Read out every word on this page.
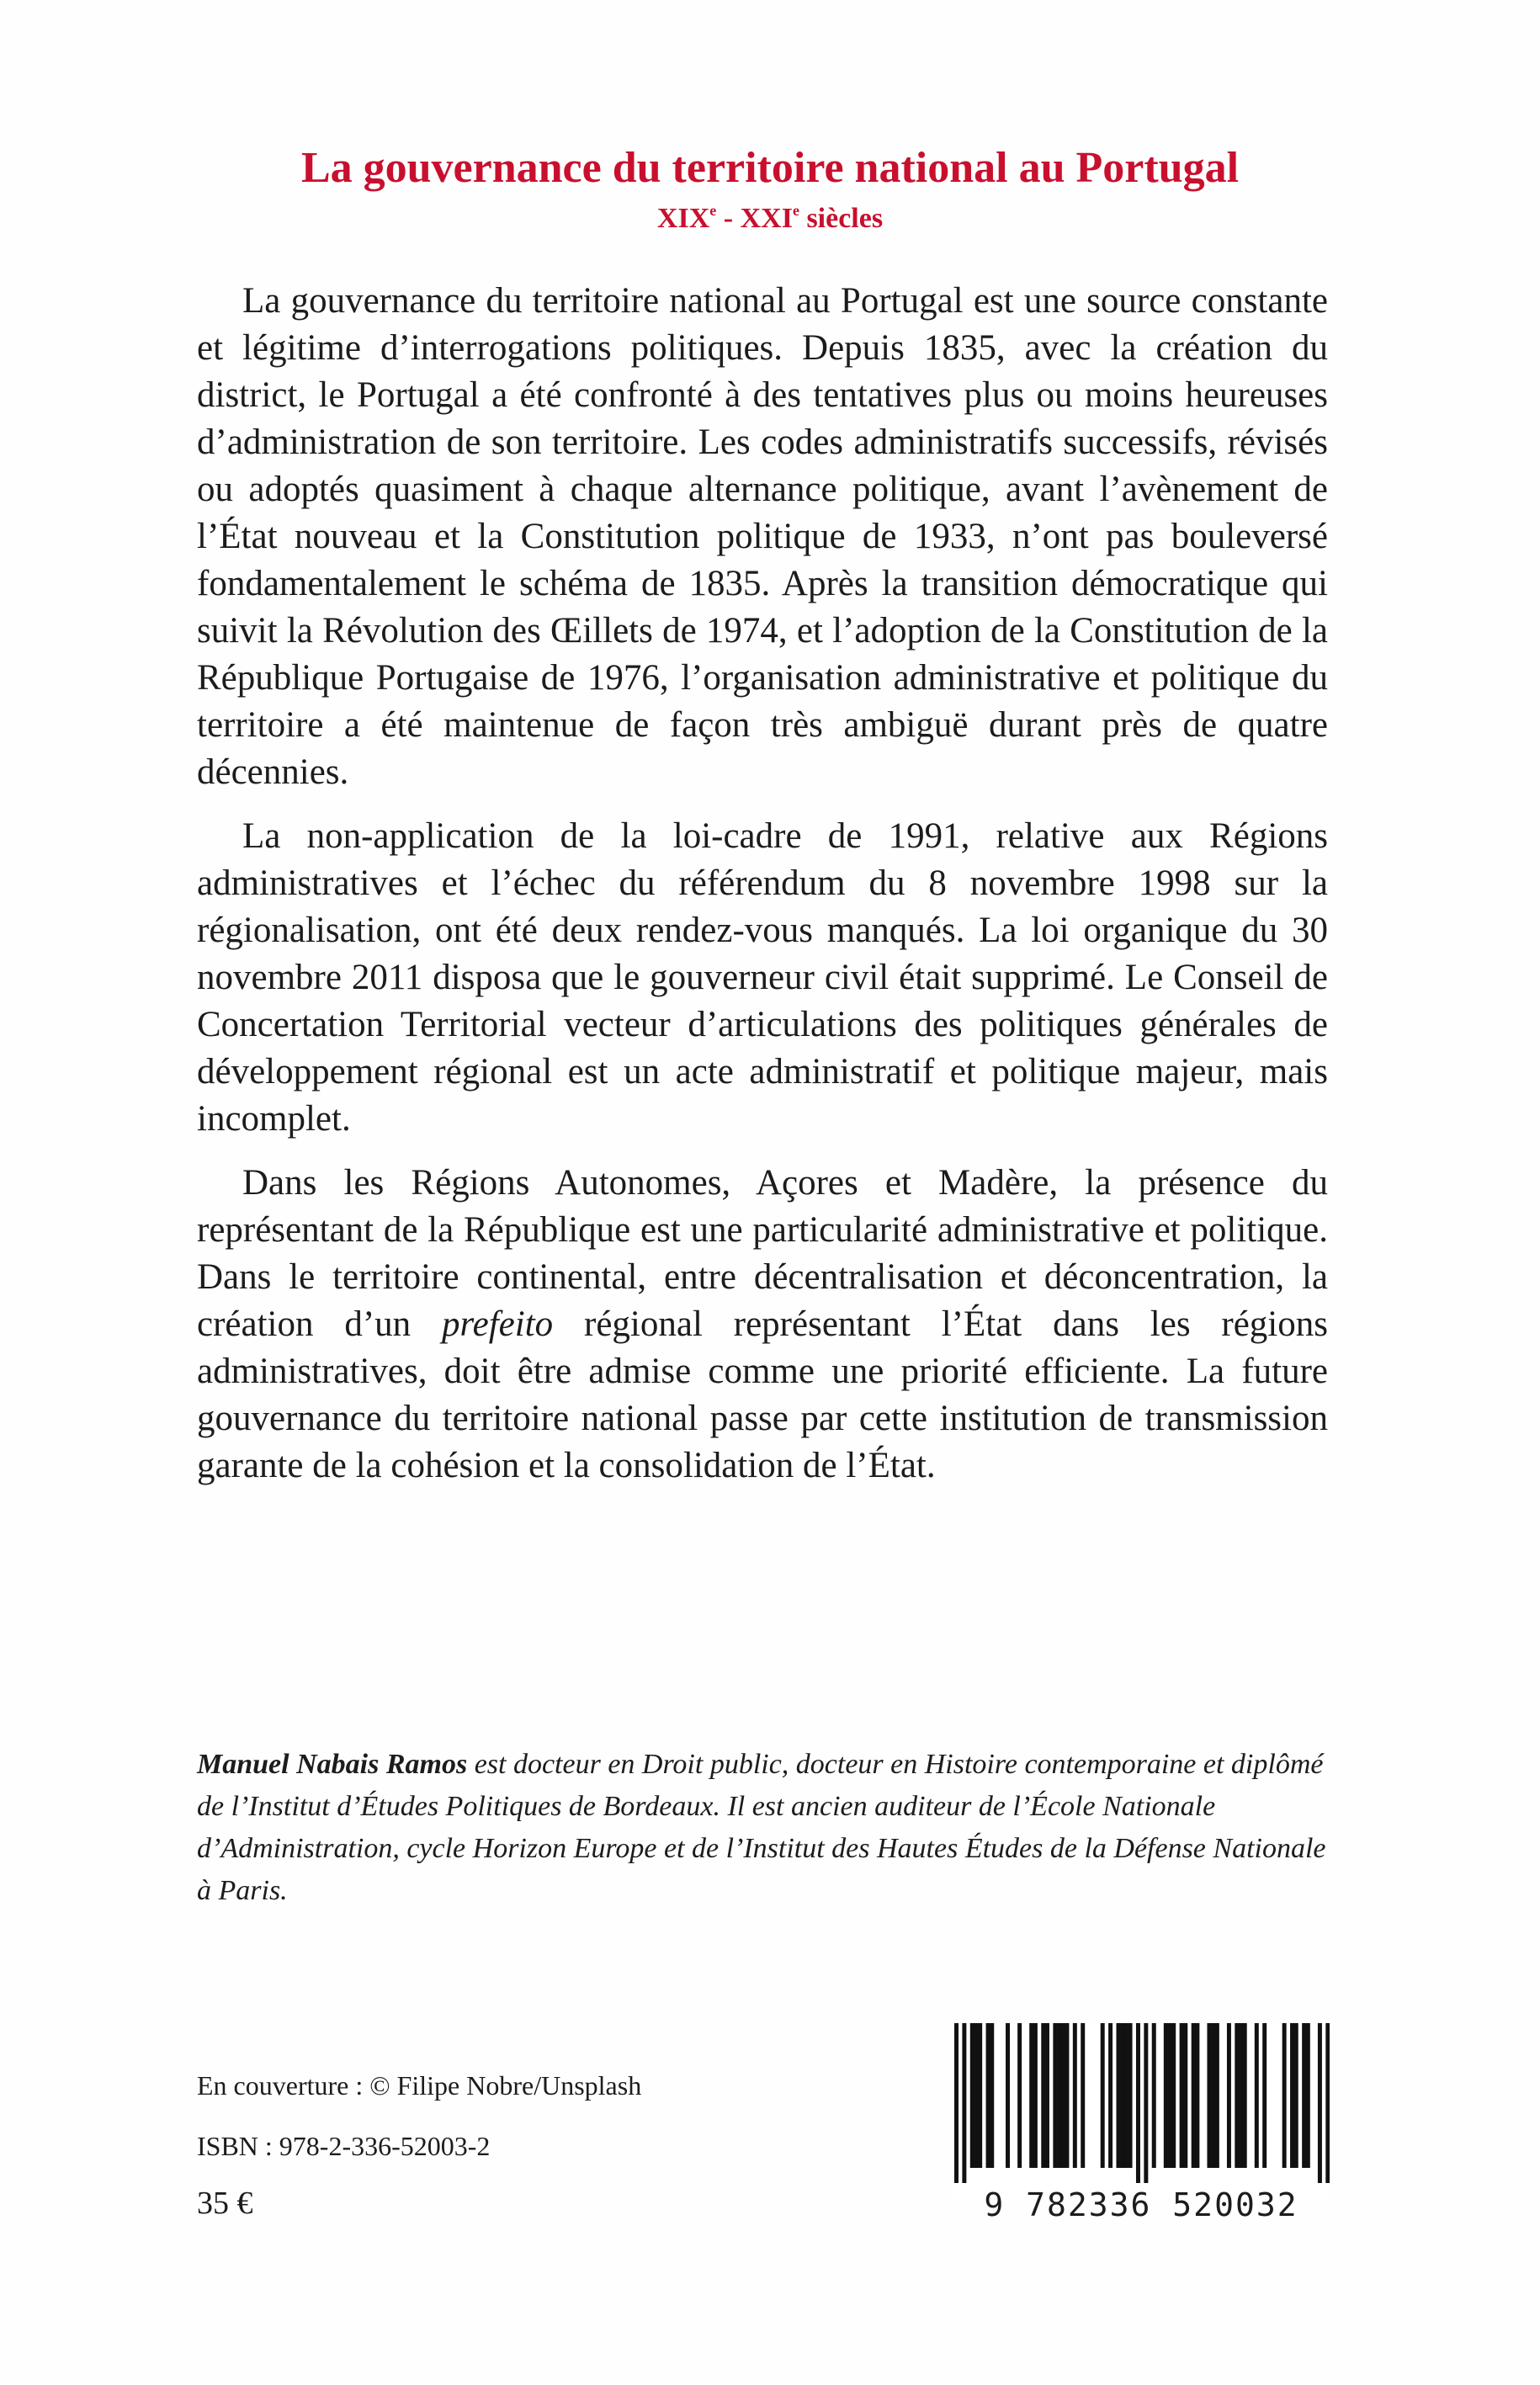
La gouvernance du territoire national au Portugal
XIXe - XXIe siècles

La gouvernance du territoire national au Portugal est une source constante et légitime d’interrogations politiques. Depuis 1835, avec la création du district, le Portugal a été confronté à des tentatives plus ou moins heureuses d’administration de son territoire. Les codes administratifs successifs, révisés ou adoptés quasiment à chaque alternance politique, avant l’avènement de l’État nouveau et la Constitution politique de 1933, n’ont pas bouleversé fondamentalement le schéma de 1835. Après la transition démocratique qui suivit la Révolution des Œillets de 1974, et l’adoption de la Constitution de la République Portugaise de 1976, l’organisation administrative et politique du territoire a été maintenue de façon très ambiguë durant près de quatre décennies.

La non-application de la loi-cadre de 1991, relative aux Régions administratives et l’échec du référendum du 8 novembre 1998 sur la régionalisation, ont été deux rendez-vous manqués. La loi organique du 30 novembre 2011 disposa que le gouverneur civil était supprimé. Le Conseil de Concertation Territorial vecteur d’articulations des politiques générales de développement régional est un acte administratif et politique majeur, mais incomplet.

Dans les Régions Autonomes, Açores et Madère, la présence du représentant de la République est une particularité administrative et politique. Dans le territoire continental, entre décentralisation et déconcentration, la création d’un prefeito régional représentant l’État dans les régions administratives, doit être admise comme une priorité efficiente. La future gouvernance du territoire national passe par cette institution de transmission garante de la cohésion et la consolidation de l’État.

Manuel Nabais Ramos est docteur en Droit public, docteur en Histoire contemporaine et diplômé de l’Institut d’Études Politiques de Bordeaux. Il est ancien auditeur de l’École Nationale d’Administration, cycle Horizon Europe et de l’Institut des Hautes Études de la Défense Nationale à Paris.

En couverture : © Filipe Nobre/Unsplash

ISBN : 978-2-336-52003-2

35 €	9 782336 520032
